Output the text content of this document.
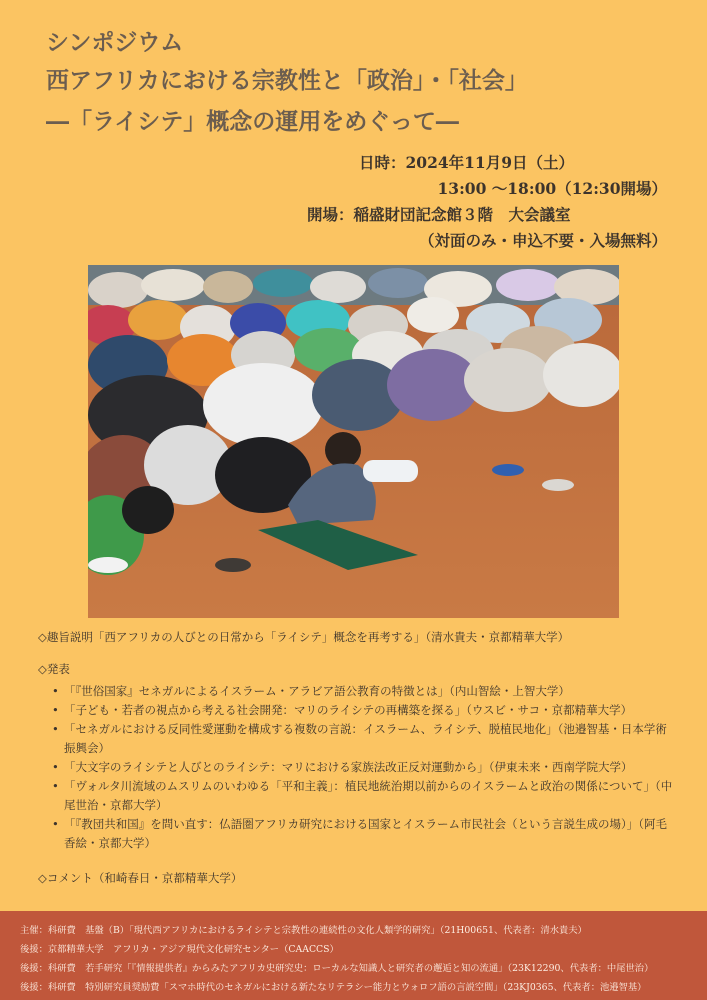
シンポジウム
西アフリカにおける宗教性と「政治」・「社会」
―「ライシテ」概念の運用をめぐって―
日時：2024年11月9日（土）
13:00 ～18:00（12:30開場）
開場：稲盛財団記念館３階　大会議室
（対面のみ・申込不要・入場無料）
◇趣旨説明「西アフリカの人びとの日常から「ライシテ」概念を再考する」（清水貴夫・京都精華大学）
◇発表
• 「『世俗国家』セネガルによるイスラーム・アラビア語公教育の特徴とは」（内山智絵・上智大学）
• 「子ども・若者の視点から考える社会開発：マリのライシテの再構築を探る」（ウスビ・サコ・京都精華大学）
• 「セネガルにおける反同性愛運動を構成する複数の言説：イスラーム、ライシテ、脱植民地化」（池邉智基・日本学術振興会）
• 「大文字のライシテと人びとのライシテ：マリにおける家族法改正反対運動から」（伊東未来・西南学院大学）
• 「ヴォルタ川流域のムスリムのいわゆる「平和主義」：植民地統治期以前からのイスラームと政治の関係について」（中尾世治・京都大学）
• 「『教団共和国』を問い直す：仏語圏アフリカ研究における国家とイスラーム市民社会（という言説生成の場）」（阿毛香絵・京都大学）
◇コメント（和崎春日・京都精華大学）
主催：科研費　基盤（B）「現代西アフリカにおけるライシテと宗教性の連続性の文化人類学的研究」（21H00651、代表者：清水貴夫）
後援：京都精華大学　アフリカ・アジア現代文化研究センター（CAACCS）
後援：科研費　若手研究「『情報提供者』からみたアフリカ史研究史：ローカルな知識人と研究者の邂逅と知の流通」（23K12290、代表者：中尾世治）
後援：科研費　特別研究員奨励費「スマホ時代のセネガルにおける新たなリテラシー能力とウォロフ語の言説空間」（23KJ0365、代表者：池邉智基）
